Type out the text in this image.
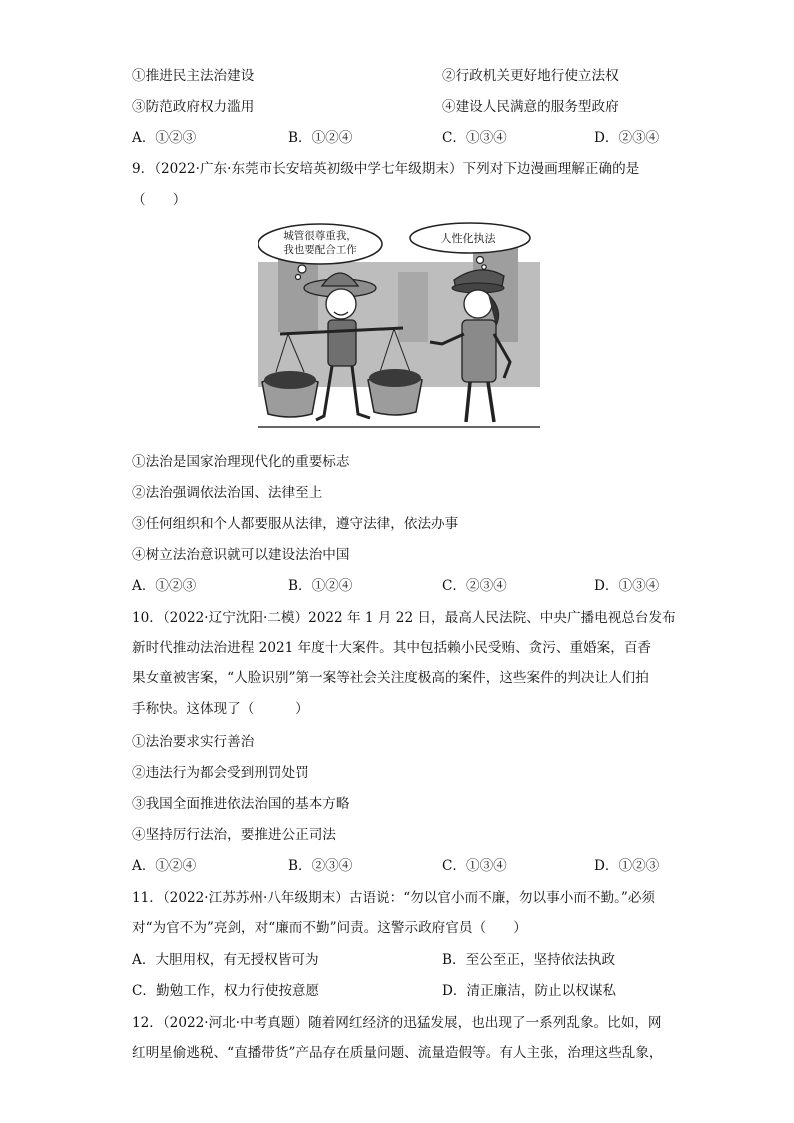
①推进民主法治建设	②行政机关更好地行使立法权
③防范政府权力滥用	④建设人民满意的服务型政府
A．①②③	B．①②④	C．①③④	D．②③④
9．（2022·广东·东莞市长安培英初级中学七年级期末）下列对下边漫画理解正确的是
（　　）
城管很尊重我，
我也要配合工作
人性化执法
①法治是国家治理现代化的重要标志
②法治强调依法治国、法律至上
③任何组织和个人都要服从法律，遵守法律，依法办事
④树立法治意识就可以建设法治中国
A．①②③	B．①②④	C．②③④	D．①③④
10．（2022·辽宁沈阳·二模）2022 年 1 月 22 日，最高人民法院、中央广播电视总台发布
新时代推动法治进程 2021 年度十大案件。其中包括赖小民受贿、贪污、重婚案，百香
果女童被害案，“人脸识别”第一案等社会关注度极高的案件，这些案件的判决让人们拍
手称快。这体现了（　　　）
①法治要求实行善治
②违法行为都会受到刑罚处罚
③我国全面推进依法治国的基本方略
④坚持厉行法治，要推进公正司法
A．①②④	B．②③④	C．①③④	D．①②③
11．（2022·江苏苏州·八年级期末）古语说：“勿以官小而不廉，勿以事小而不勤。”必须
对“为官不为”亮剑，对“廉而不勤”问责。这警示政府官员（　　）
A．大胆用权，有无授权皆可为	B．至公至正，坚持依法执政
C．勤勉工作，权力行使按意愿	D．清正廉洁，防止以权谋私
12．（2022·河北·中考真题）随着网红经济的迅猛发展，也出现了一系列乱象。比如，网
红明星偷逃税、“直播带货”产品存在质量问题、流量造假等。有人主张，治理这些乱象，
